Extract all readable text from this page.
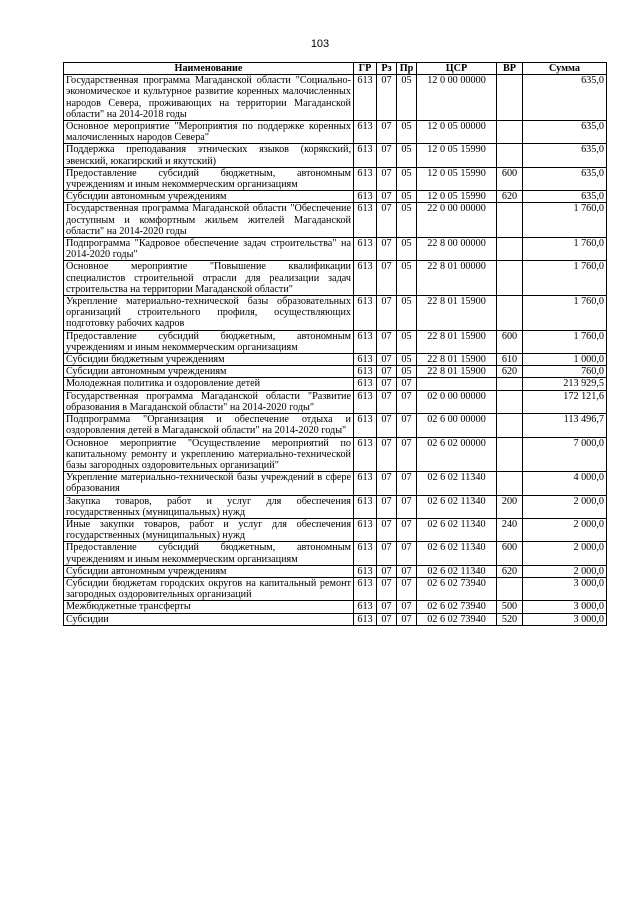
103
Наименование	ГР	Рз	Пр	ЦСР	ВР	Сумма
Государственная программа Магаданской области "Социально-экономическое и культурное развитие коренных малочисленных народов Севера, проживающих на территории Магаданской области" на 2014-2018 годы	613	07	05	12 0 00 00000		635,0
Основное мероприятие "Мероприятия по поддержке коренных малочисленных народов Севера"	613	07	05	12 0 05 00000		635,0
Поддержка преподавания этнических языков (корякский, эвенский, юкагирский и якутский)	613	07	05	12 0 05 15990		635,0
Предоставление субсидий бюджетным, автономным учреждениям и иным некоммерческим организациям	613	07	05	12 0 05 15990	600	635,0
Субсидии автономным учреждениям	613	07	05	12 0 05 15990	620	635,0
Государственная программа Магаданской области "Обеспечение доступным и комфортным жильем жителей Магаданской области" на 2014-2020 годы	613	07	05	22 0 00 00000		1 760,0
Подпрограмма "Кадровое обеспечение задач строительства" на 2014-2020 годы"	613	07	05	22 8 00 00000		1 760,0
Основное мероприятие "Повышение квалификации специалистов строительной отрасли для реализации задач строительства на территории Магаданской области"	613	07	05	22 8 01 00000		1 760,0
Укрепление материально-технической базы образовательных организаций строительного профиля, осуществляющих подготовку рабочих кадров	613	07	05	22 8 01 15900		1 760,0
Предоставление субсидий бюджетным, автономным учреждениям и иным некоммерческим организациям	613	07	05	22 8 01 15900	600	1 760,0
Субсидии бюджетным учреждениям	613	07	05	22 8 01 15900	610	1 000,0
Субсидии автономным учреждениям	613	07	05	22 8 01 15900	620	760,0
Молодежная политика и оздоровление детей	613	07	07			213 929,5
Государственная программа Магаданской области "Развитие образования в Магаданской области" на 2014-2020 годы"	613	07	07	02 0 00 00000		172 121,6
Подпрограмма "Организация и обеспечение отдыха и оздоровления детей в Магаданской области" на 2014-2020 годы"	613	07	07	02 6 00 00000		113 496,7
Основное мероприятие "Осуществление мероприятий по капитальному ремонту и укреплению материально-технической базы загородных оздоровительных организаций"	613	07	07	02 6 02 00000		7 000,0
Укрепление материально-технической базы учреждений в сфере образования	613	07	07	02 6 02 11340		4 000,0
Закупка товаров, работ и услуг для обеспечения государственных (муниципальных) нужд	613	07	07	02 6 02 11340	200	2 000,0
Иные закупки товаров, работ и услуг для обеспечения государственных (муниципальных) нужд	613	07	07	02 6 02 11340	240	2 000,0
Предоставление субсидий бюджетным, автономным учреждениям и иным некоммерческим организациям	613	07	07	02 6 02 11340	600	2 000,0
Субсидии автономным учреждениям	613	07	07	02 6 02 11340	620	2 000,0
Субсидии бюджетам городских округов на капитальный ремонт загородных оздоровительных организаций	613	07	07	02 6 02 73940		3 000,0
Межбюджетные трансферты	613	07	07	02 6 02 73940	500	3 000,0
Субсидии	613	07	07	02 6 02 73940	520	3 000,0
